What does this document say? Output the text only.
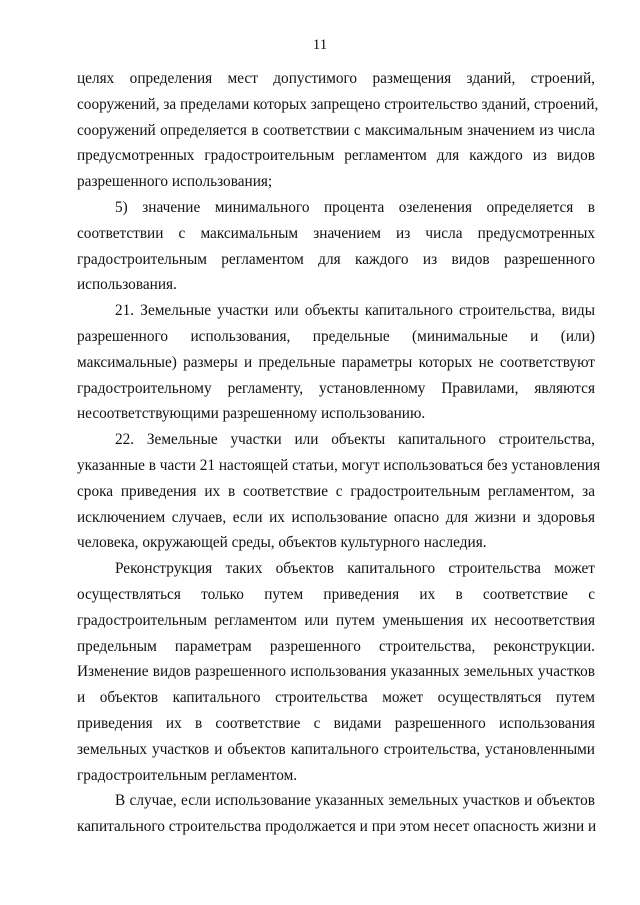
11

целях определения мест допустимого размещения зданий, строений,

сооружений, за пределами которых запрещено строительство зданий, строений,

сооружений определяется в соответствии с максимальным значением из числа

предусмотренных градостроительным регламентом для каждого из видов

разрешенного использования;

5) значение минимального процента озеленения определяется в

соответствии с максимальным значением из числа предусмотренных

градостроительным регламентом для каждого из видов разрешенного

использования.

21. Земельные участки или объекты капитального строительства, виды

разрешенного использования, предельные (минимальные и (или)

максимальные) размеры и предельные параметры которых не соответствуют

градостроительному регламенту, установленному Правилами, являются

несоответствующими разрешенному использованию.

22. Земельные участки или объекты капитального строительства,

указанные в части 21 настоящей статьи, могут использоваться без установления

срока приведения их в соответствие с градостроительным регламентом, за

исключением случаев, если их использование опасно для жизни и здоровья

человека, окружающей среды, объектов культурного наследия.

Реконструкция таких объектов капитального строительства может

осуществляться только путем приведения их в соответствие с

градостроительным регламентом или путем уменьшения их несоответствия

предельным параметрам разрешенного строительства, реконструкции.

Изменение видов разрешенного использования указанных земельных участков

и объектов капитального строительства может осуществляться путем

приведения их в соответствие с видами разрешенного использования

земельных участков и объектов капитального строительства, установленными

градостроительным регламентом.

В случае, если использование указанных земельных участков и объектов

капитального строительства продолжается и при этом несет опасность жизни и
